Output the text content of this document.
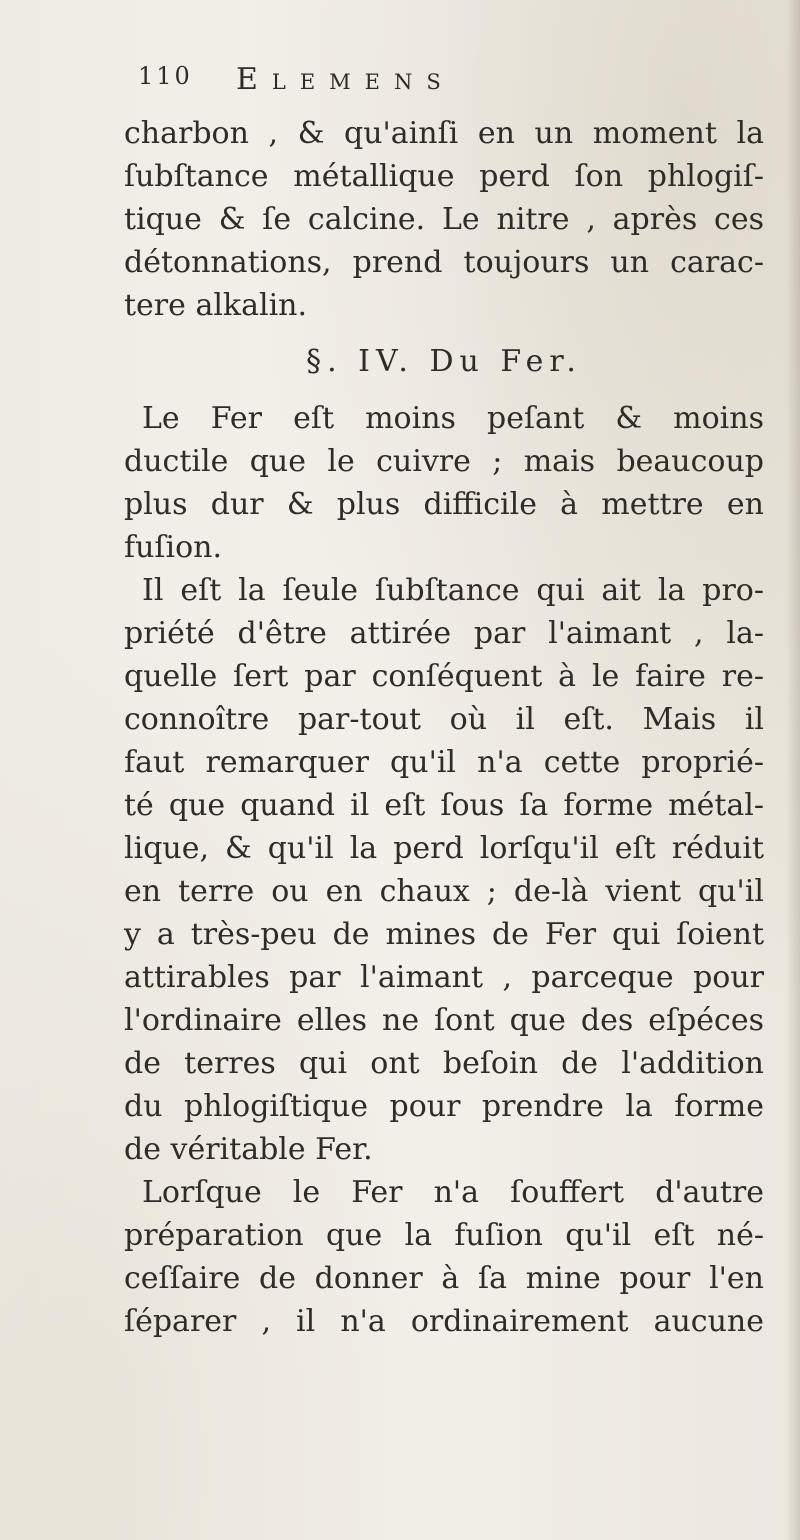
110 Elemens
charbon , & qu'ainſi en un moment la
ſubſtance métallique perd ſon phlogiſ-
tique & ſe calcine. Le nitre , après ces
détonnations, prend toujours un carac-
tere alkalin.
§. IV. Du Fer.
Le Fer eſt moins peſant & moins
ductile que le cuivre ; mais beaucoup
plus dur & plus difficile à mettre en
fuſion.
Il eſt la ſeule ſubſtance qui ait la pro-
priété d'être attirée par l'aimant , la-
quelle ſert par conſéquent à le faire re-
connoître par-tout où il eſt. Mais il
faut remarquer qu'il n'a cette proprié-
té que quand il eſt ſous ſa forme métal-
lique, & qu'il la perd lorſqu'il eſt réduit
en terre ou en chaux ; de-là vient qu'il
y a très-peu de mines de Fer qui ſoient
attirables par l'aimant , parceque pour
l'ordinaire elles ne ſont que des eſpéces
de terres qui ont beſoin de l'addition
du phlogiſtique pour prendre la forme
de véritable Fer.
Lorſque le Fer n'a ſouffert d'autre
préparation que la fuſion qu'il eſt né-
ceſſaire de donner à ſa mine pour l'en
ſéparer , il n'a ordinairement aucune
